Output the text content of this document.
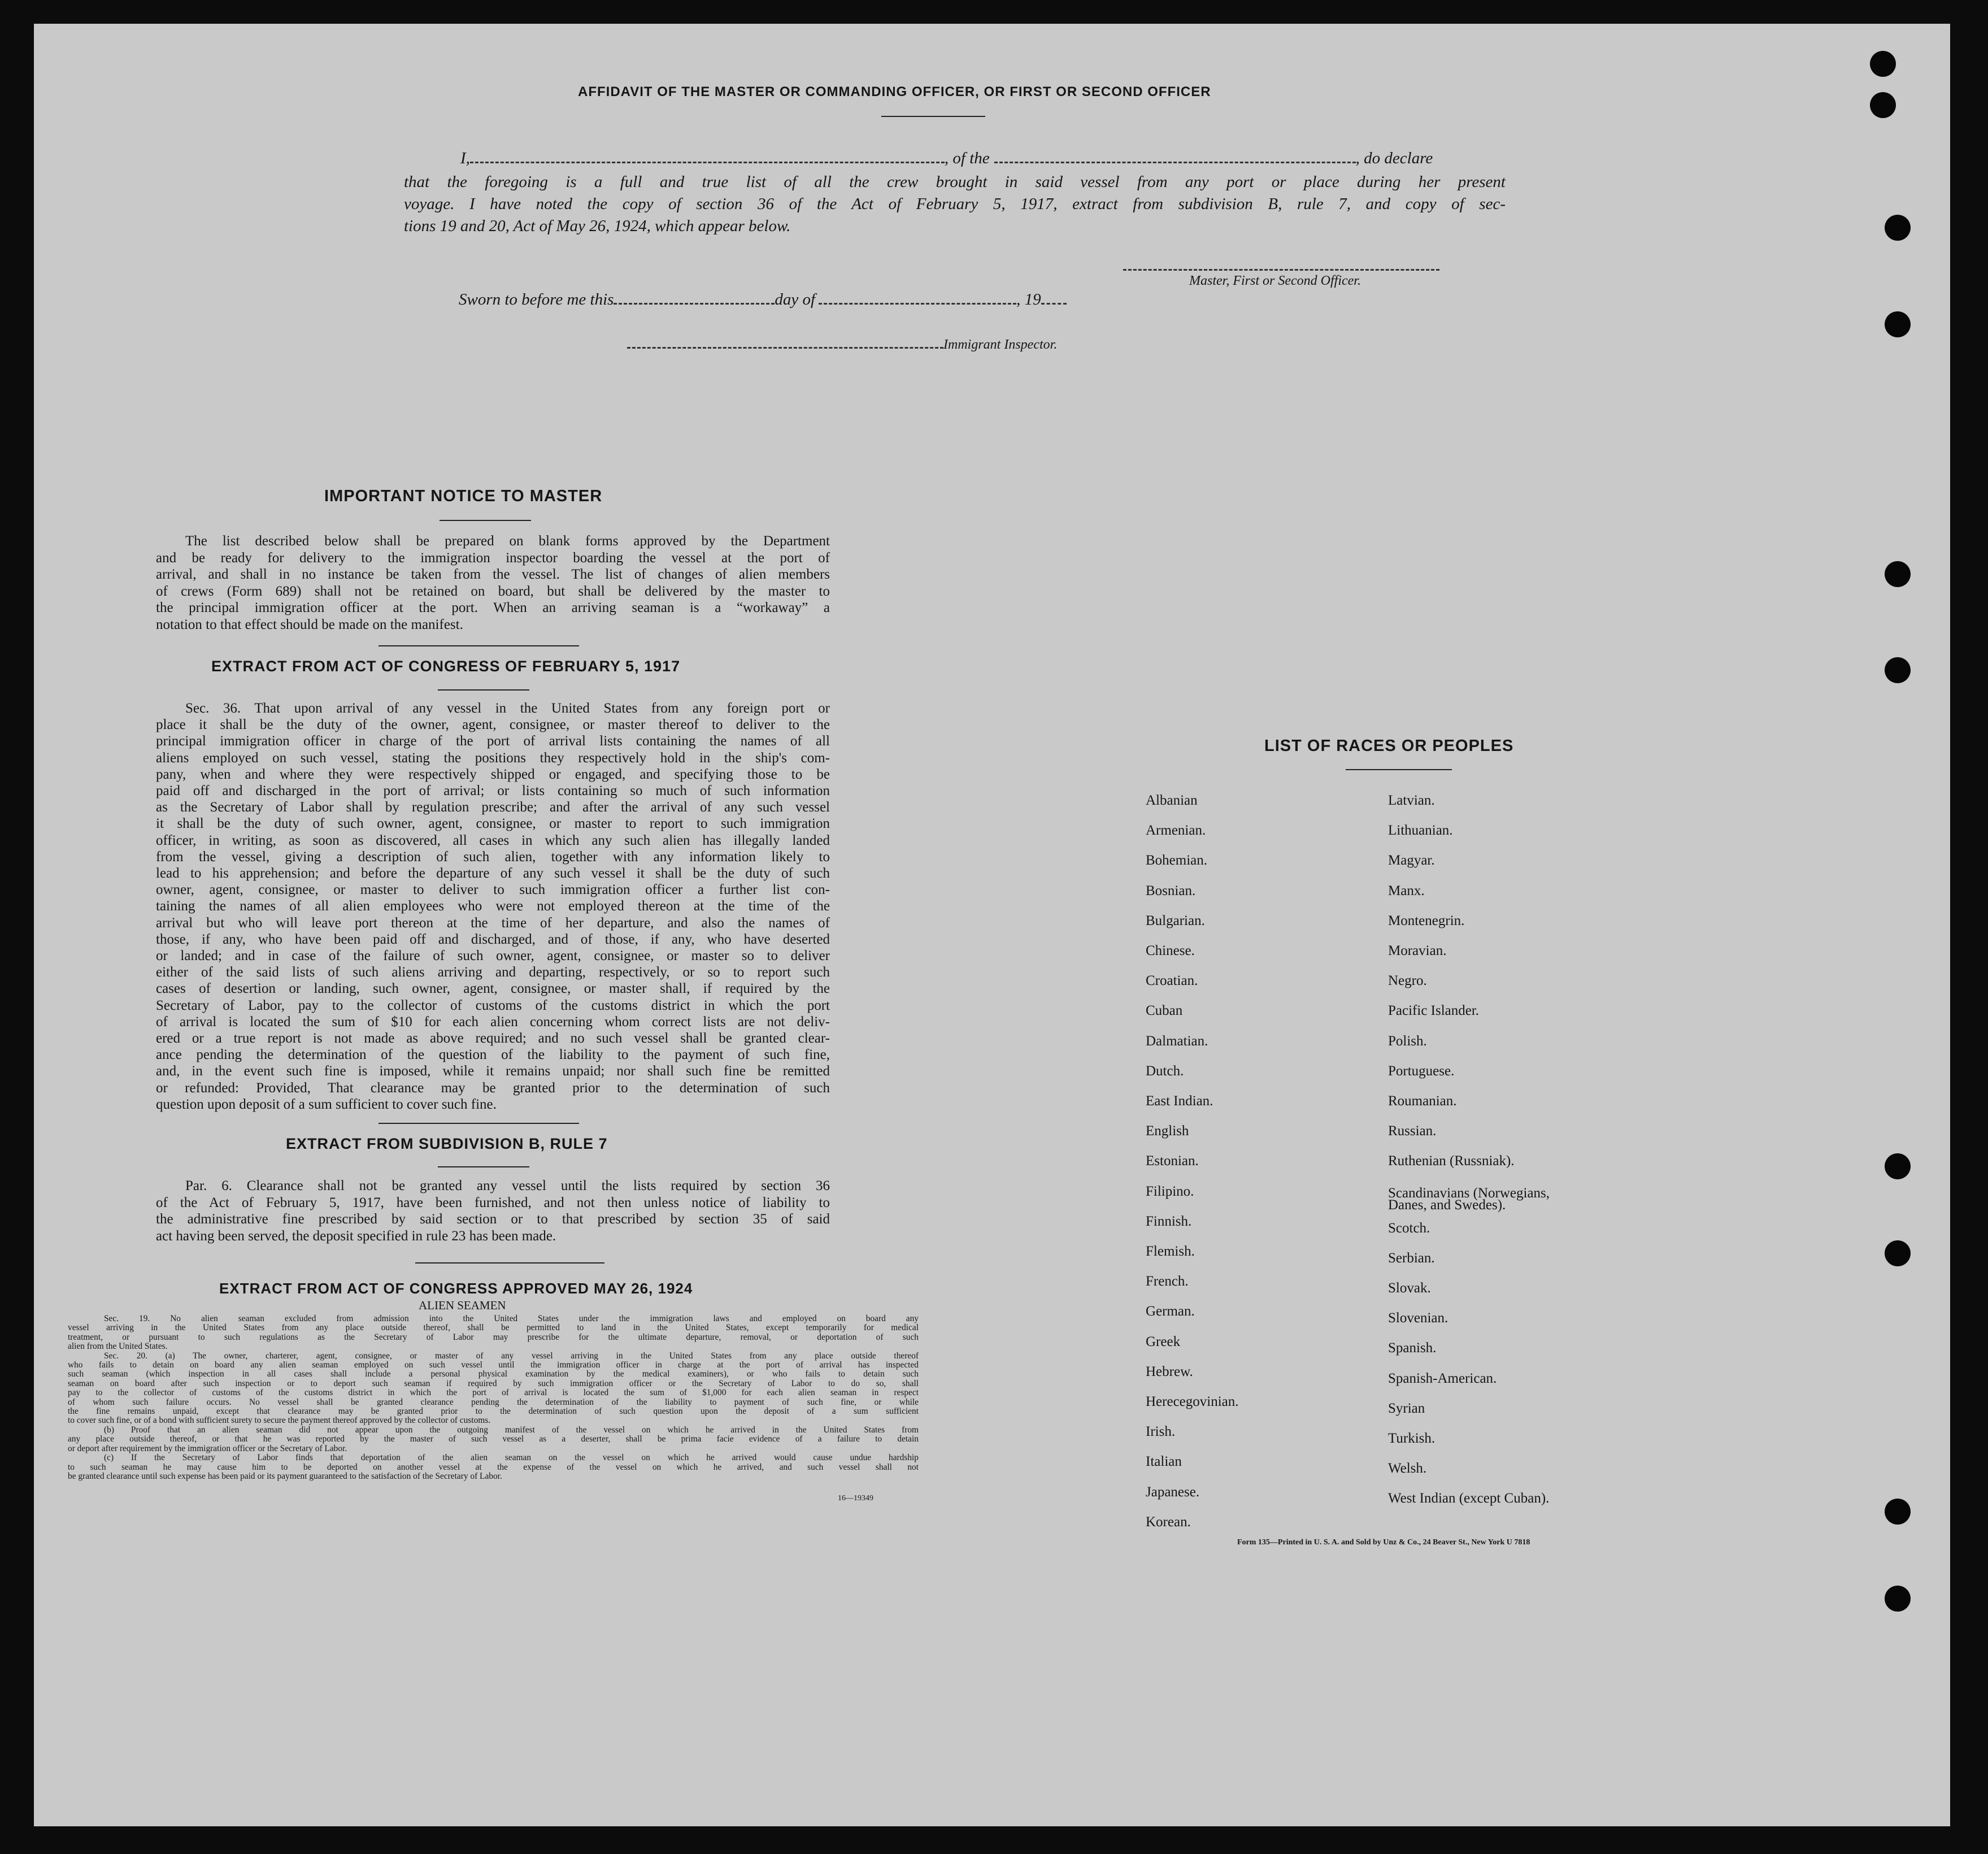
AFFIDAVIT OF THE MASTER OR COMMANDING OFFICER, OR FIRST OR SECOND OFFICER
I,	, of the	, do declare
that the foregoing is a full and true list of all the crew brought in said vessel from any port or place during her present
voyage. I have noted the copy of section 36 of the Act of February 5, 1917, extract from subdivision B, rule 7, and copy of sec-
tions 19 and 20, Act of May 26, 1924, which appear below.
Master, First or Second Officer.
Sworn to before me this	day of	, 19
Immigrant Inspector.
IMPORTANT NOTICE TO MASTER

The list described below shall be prepared on blank forms approved by the Department

and be ready for delivery to the immigration inspector boarding the vessel at the port of

arrival, and shall in no instance be taken from the vessel. The list of changes of alien members

of crews (Form 689) shall not be retained on board, but shall be delivered by the master to

the principal immigration officer at the port. When an arriving seaman is a “workaway” a

notation to that effect should be made on the manifest.

EXTRACT FROM ACT OF CONGRESS OF FEBRUARY 5, 1917

Sec. 36. That upon arrival of any vessel in the United States from any foreign port or

place it shall be the duty of the owner, agent, consignee, or master thereof to deliver to the

principal immigration officer in charge of the port of arrival lists containing the names of all

aliens employed on such vessel, stating the positions they respectively hold in the ship's com-

pany, when and where they were respectively shipped or engaged, and specifying those to be

paid off and discharged in the port of arrival; or lists containing so much of such information

as the Secretary of Labor shall by regulation prescribe; and after the arrival of any such vessel

it shall be the duty of such owner, agent, consignee, or master to report to such immigration

officer, in writing, as soon as discovered, all cases in which any such alien has illegally landed

from the vessel, giving a description of such alien, together with any information likely to

lead to his apprehension; and before the departure of any such vessel it shall be the duty of such

owner, agent, consignee, or master to deliver to such immigration officer a further list con-

taining the names of all alien employees who were not employed thereon at the time of the

arrival but who will leave port thereon at the time of her departure, and also the names of

those, if any, who have been paid off and discharged, and of those, if any, who have deserted

or landed; and in case of the failure of such owner, agent, consignee, or master so to deliver

either of the said lists of such aliens arriving and departing, respectively, or so to report such

cases of desertion or landing, such owner, agent, consignee, or master shall, if required by the

Secretary of Labor, pay to the collector of customs of the customs district in which the port

of arrival is located the sum of $10 for each alien concerning whom correct lists are not deliv-

ered or a true report is not made as above required; and no such vessel shall be granted clear-

ance pending the determination of the question of the liability to the payment of such fine,

and, in the event such fine is imposed, while it remains unpaid; nor shall such fine be remitted

or refunded: Provided, That clearance may be granted prior to the determination of such

question upon deposit of a sum sufficient to cover such fine.

EXTRACT FROM SUBDIVISION B, RULE 7

Par. 6. Clearance shall not be granted any vessel until the lists required by section 36

of the Act of February 5, 1917, have been furnished, and not then unless notice of liability to

the administrative fine prescribed by said section or to that prescribed by section 35 of said

act having been served, the deposit specified in rule 23 has been made.

EXTRACT FROM ACT OF CONGRESS APPROVED MAY 26, 1924
ALIEN SEAMEN

Sec. 19. No alien seaman excluded from admission into the United States under the immigration laws and employed on board any

vessel arriving in the United States from any place outside thereof, shall be permitted to land in the United States, except temporarily for medical

treatment, or pursuant to such regulations as the Secretary of Labor may prescribe for the ultimate departure, removal, or deportation of such

alien from the United States.

Sec. 20. (a) The owner, charterer, agent, consignee, or master of any vessel arriving in the United States from any place outside thereof

who fails to detain on board any alien seaman employed on such vessel until the immigration officer in charge at the port of arrival has inspected

such seaman (which inspection in all cases shall include a personal physical examination by the medical examiners), or who fails to detain such

seaman on board after such inspection or to deport such seaman if required by such immigration officer or the Secretary of Labor to do so, shall

pay to the collector of customs of the customs district in which the port of arrival is located the sum of $1,000 for each alien seaman in respect

of whom such failure occurs. No vessel shall be granted clearance pending the determination of the liability to payment of such fine, or while

the fine remains unpaid, except that clearance may be granted prior to the determination of such question upon the deposit of a sum sufficient

to cover such fine, or of a bond with sufficient surety to secure the payment thereof approved by the collector of customs.

(b) Proof that an alien seaman did not appear upon the outgoing manifest of the vessel on which he arrived in the United States from

any place outside thereof, or that he was reported by the master of such vessel as a deserter, shall be prima facie evidence of a failure to detain

or deport after requirement by the immigration officer or the Secretary of Labor.

(c) If the Secretary of Labor finds that deportation of the alien seaman on the vessel on which he arrived would cause undue hardship

to such seaman he may cause him to be deported on another vessel at the expense of the vessel on which he arrived, and such vessel shall not

be granted clearance until such expense has been paid or its payment guaranteed to the satisfaction of the Secretary of Labor.

16—19349
LIST OF RACES OR PEOPLES
Albanian
Armenian.
Bohemian.
Bosnian.
Bulgarian.
Chinese.
Croatian.
Cuban
Dalmatian.
Dutch.
East Indian.
English
Estonian.
Filipino.
Finnish.
Flemish.
French.
German.
Greek
Hebrew.
Herecegovinian.
Irish.
Italian
Japanese.
Korean.
Latvian.
Lithuanian.
Magyar.
Manx.
Montenegrin.
Moravian.
Negro.
Pacific Islander.
Polish.
Portuguese.
Roumanian.
Russian.
Ruthenian (Russniak).
Scandinavians (Norwegians,
Danes, and Swedes).
Scotch.
Serbian.
Slovak.
Slovenian.
Spanish.
Spanish-American.
Syrian
Turkish.
Welsh.
West Indian (except Cuban).
Form 135—Printed in U. S. A. and Sold by Unz & Co., 24 Beaver St., New York U 7818
